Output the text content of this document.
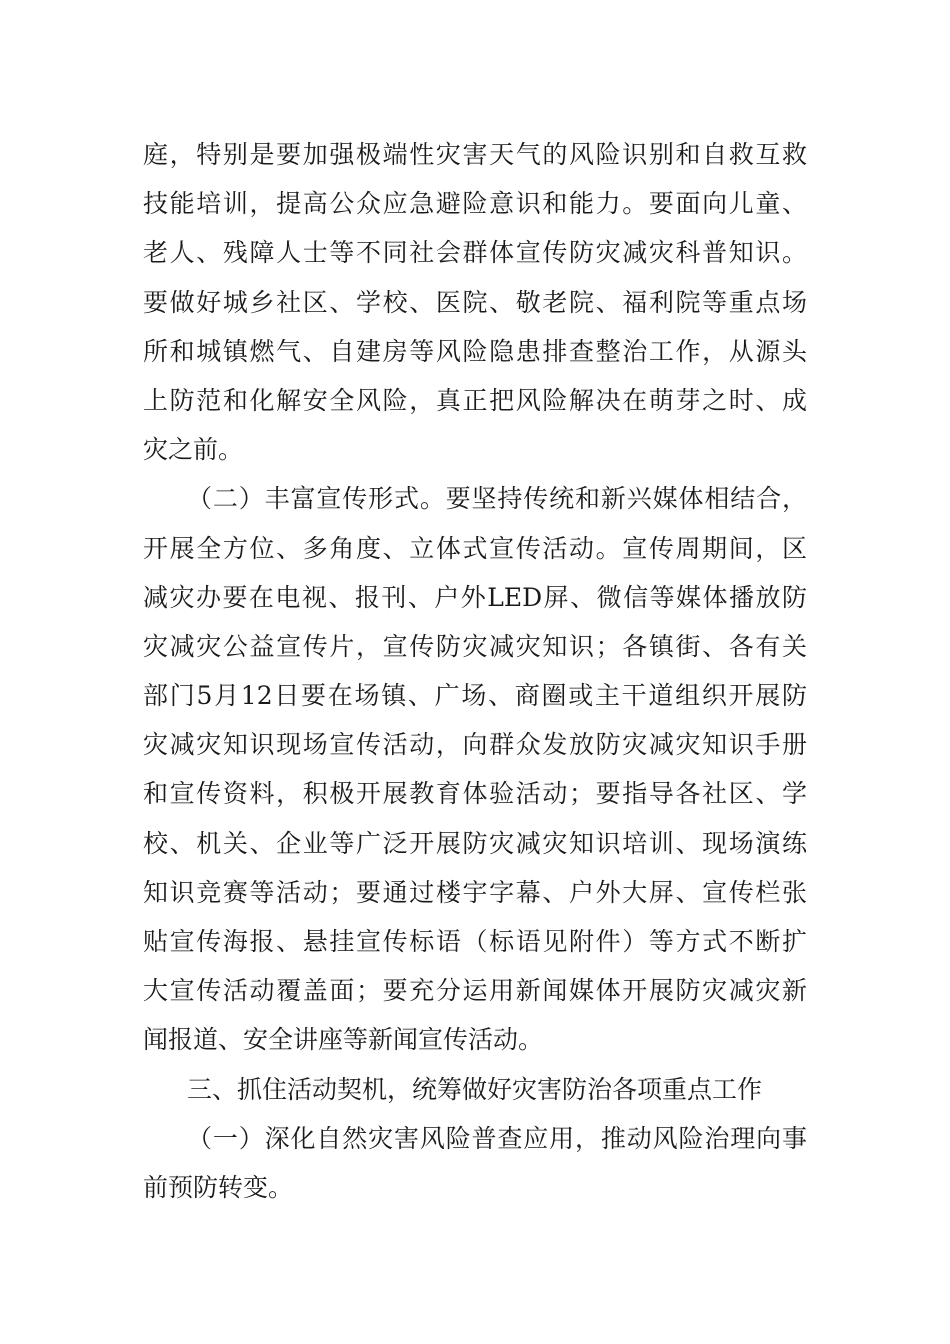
庭，特别是要加强极端性灾害天气的风险识别和自救互救
技能培训，提高公众应急避险意识和能力。要面向儿童、
老人、残障人士等不同社会群体宣传防灾减灾科普知识。
要做好城乡社区、学校、医院、敬老院、福利院等重点场
所和城镇燃气、自建房等风险隐患排查整治工作，从源头
上防范和化解安全风险，真正把风险解决在萌芽之时、成
灾之前。
（二）丰富宣传形式。要坚持传统和新兴媒体相结合，
开展全方位、多角度、立体式宣传活动。宣传周期间，区
减灾办要在电视、报刊、户外LED屏、微信等媒体播放防
灾减灾公益宣传片，宣传防灾减灾知识；各镇街、各有关
部门5月12日要在场镇、广场、商圈或主干道组织开展防
灾减灾知识现场宣传活动，向群众发放防灾减灾知识手册
和宣传资料，积极开展教育体验活动；要指导各社区、学
校、机关、企业等广泛开展防灾减灾知识培训、现场演练
知识竞赛等活动；要通过楼宇字幕、户外大屏、宣传栏张
贴宣传海报、悬挂宣传标语（标语见附件）等方式不断扩
大宣传活动覆盖面；要充分运用新闻媒体开展防灾减灾新
闻报道、安全讲座等新闻宣传活动。
三、抓住活动契机，统筹做好灾害防治各项重点工作
（一）深化自然灾害风险普查应用，推动风险治理向事
前预防转变。
